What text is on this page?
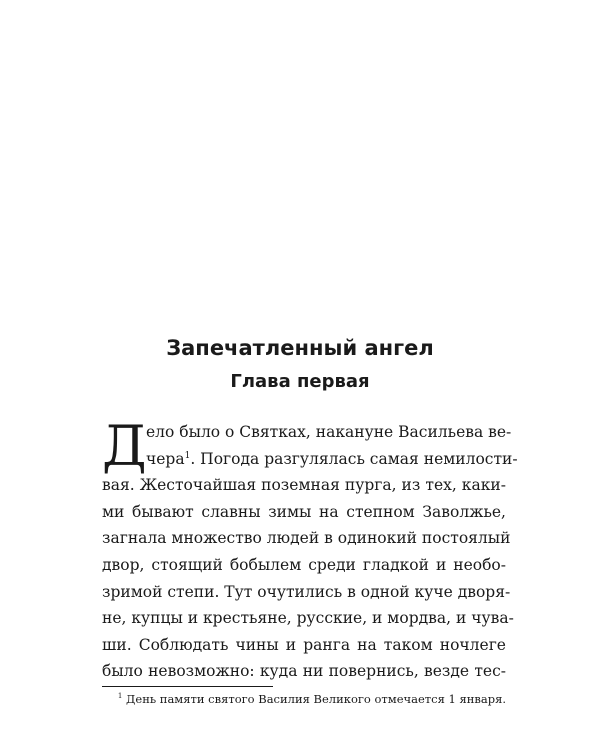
Запечатленный ангел
Глава первая
Д ело было о Святках, накануне Васильева ве-
чера$^1$. Погода разгулялась самая немилости-
вая. Жесточайшая поземная пурга, из тех, каки-
ми бывают славны зимы на степном Заволжье,
загнала множество людей в одинокий постоялый
двор, стоящий бобылем среди гладкой и необо-
зримой степи. Тут очутились в одной куче дворя-
не, купцы и крестьяне, русские, и мордва, и чува-
ши. Соблюдать чины и ранга на таком ночлеге
было невозможно: куда ни повернись, везде тес-
$^1$ День памяти святого Василия Великого отмечается 1 января.
